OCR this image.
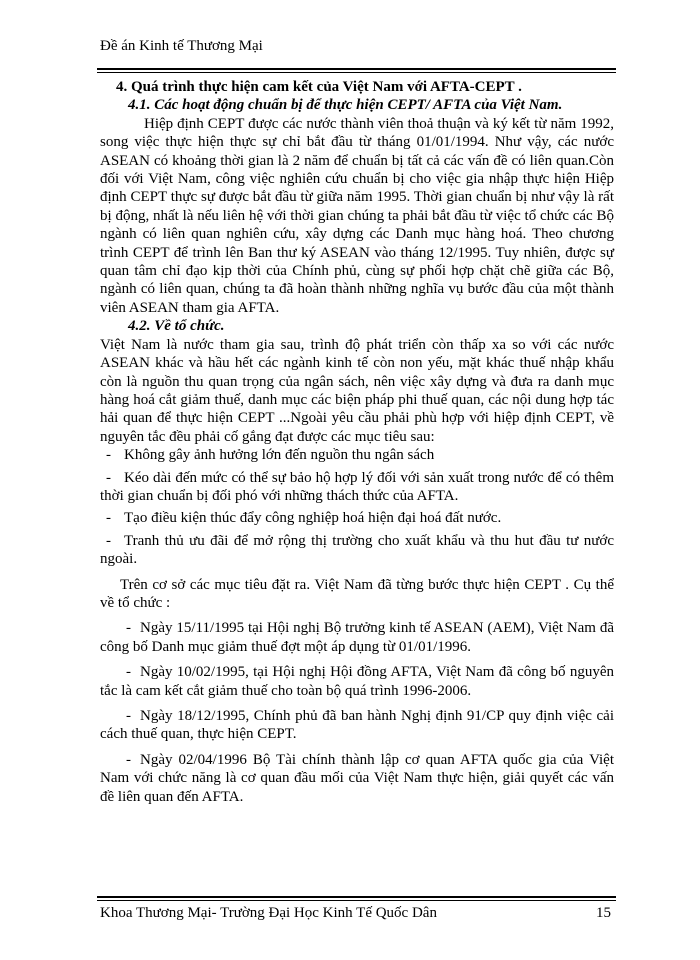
Đề án Kinh tế Thương Mại

4. Quá trình thực hiện cam kết của Việt Nam với AFTA-CEPT .

4.1. Các hoạt động chuẩn bị để thực hiện CEPT/ AFTA của Việt Nam.

Hiệp định CEPT được các nước thành viên thoả thuận và ký kết từ năm 1992, song việc thực hiện thực sự chỉ bắt đầu từ tháng 01/01/1994. Như vậy, các nước ASEAN có khoảng thời gian là 2 năm để chuẩn bị tất cả các vấn đề có liên quan.Còn đối với Việt Nam, công việc nghiên cứu chuẩn bị cho việc gia nhập thực hiện Hiệp định CEPT thực sự được bắt đầu từ giữa năm 1995. Thời gian chuẩn bị như vậy là rất bị động, nhất là nếu liên hệ với thời gian chúng ta phải bắt đầu từ việc tổ chức các Bộ ngành có liên quan nghiên cứu, xây dựng các Danh mục hàng hoá. Theo chương trình CEPT để trình lên Ban thư ký ASEAN vào tháng 12/1995. Tuy nhiên, được sự quan tâm chỉ đạo kịp thời của Chính phủ, cùng sự phối hợp chặt chẽ giữa các Bộ, ngành có liên quan, chúng ta đã hoàn thành những nghĩa vụ bước đầu của một thành viên ASEAN tham gia AFTA.

4.2. Về tổ chức.

Việt Nam là nước tham gia sau, trình độ phát triển còn thấp xa so với các nước ASEAN khác và hầu hết các ngành kinh tế còn non yếu, mặt khác thuế nhập khẩu còn là nguồn thu quan trọng của ngân sách, nên việc xây dựng và đưa ra danh mục hàng hoá cắt giảm thuế, danh mục các biện pháp phi thuế quan, các nội dung hợp tác hải quan để thực hiện CEPT ...Ngoài yêu cầu phải phù hợp với hiệp định CEPT, về nguyên tắc đều phải cố gắng đạt được các mục tiêu sau:

- Không gây ảnh hưởng lớn đến nguồn thu ngân sách

- Kéo dài đến mức có thể sự bảo hộ hợp lý đối với sản xuất trong nước để có thêm thời gian chuẩn bị đối phó với những thách thức của AFTA.

- Tạo điều kiện thúc đẩy công nghiệp hoá hiện đại hoá đất nước.

- Tranh thủ ưu đãi để mở rộng thị trường cho xuất khẩu và thu hut đầu tư nước ngoài.

Trên cơ sở các mục tiêu đặt ra. Việt Nam đã từng bước thực hiện CEPT . Cụ thể về tổ chức :

- Ngày 15/11/1995 tại Hội nghị Bộ trưởng kinh tế ASEAN (AEM), Việt Nam đã công bố Danh mục giảm thuế đợt một áp dụng từ 01/01/1996.

- Ngày 10/02/1995, tại Hội nghị Hội đồng AFTA, Việt Nam đã công bố nguyên tắc là cam kết cắt giảm thuế cho toàn bộ quá trình 1996-2006.

- Ngày 18/12/1995, Chính phủ đã ban hành Nghị định 91/CP quy định việc cải cách thuế quan, thực hiện CEPT.

- Ngày 02/04/1996 Bộ Tài chính thành lập cơ quan AFTA quốc gia của Việt Nam với chức năng là cơ quan đầu mối của Việt Nam thực hiện, giải quyết các vấn đề liên quan đến AFTA.

Khoa Thương Mại- Trường Đại Học Kinh Tế Quốc Dân	15
